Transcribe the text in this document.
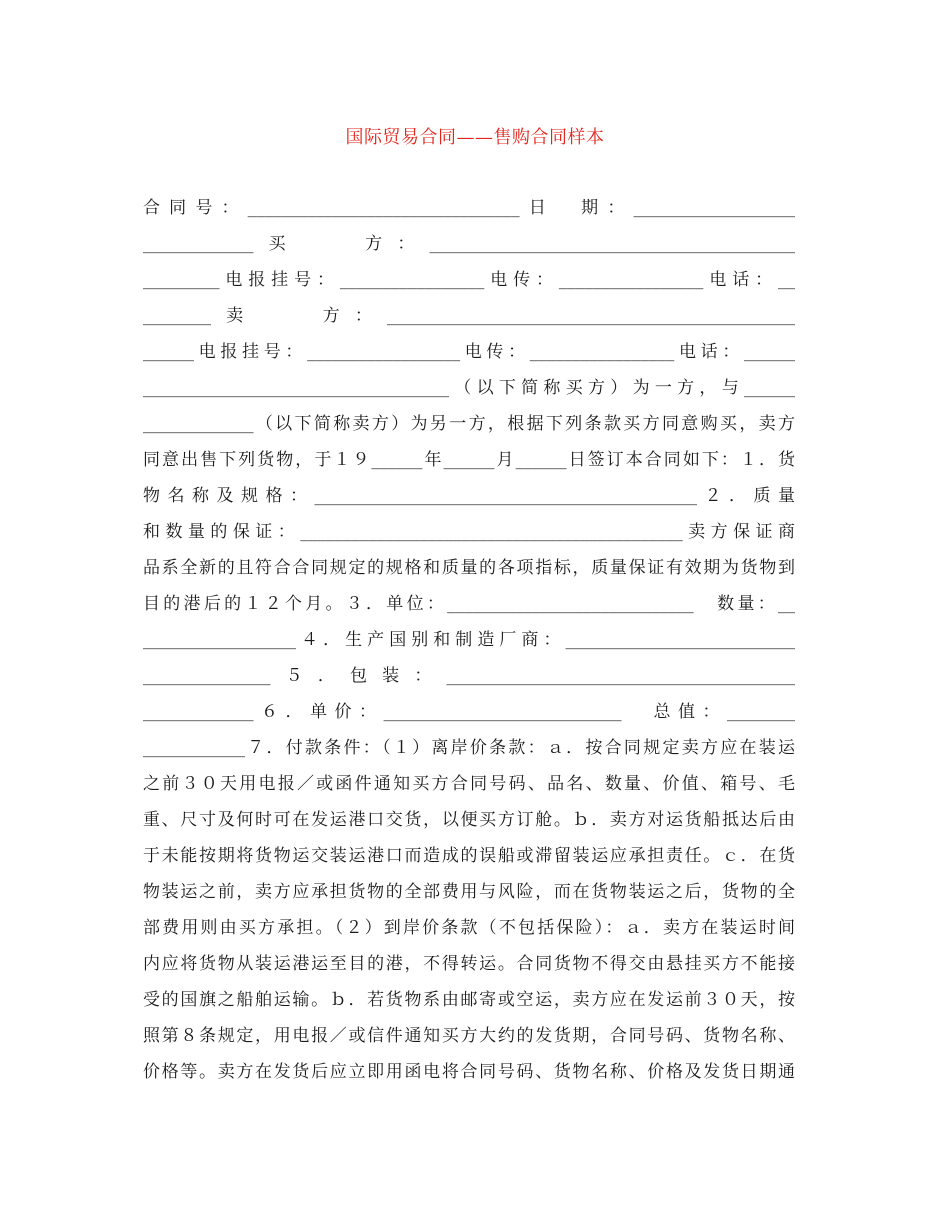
国际贸易合同——售购合同样本
合同号：________________________________日　期：___________________
_____________买　　方：___________________________________________
_________电报挂号：_________________电传：_________________电话：__
________卖　　方：________________________________________________
______电报挂号：__________________电传：_________________电话：______
____________________________________（以下简称买方）为一方，与______
_____________（以下简称卖方）为另一方，根据下列条款买方同意购买，卖方
同意出售下列货物，于１９______年______月______日签订本合同如下：１．货
物名称及规格：_____________________________________________２．质量
和数量的保证：_____________________________________________卖方保证商
品系全新的且符合合同规定的规格和质量的各项指标，质量保证有效期为货物到
目的港后的１２个月。３．单位：_____________________________　数量：__
__________________４．生产国别和制造厂商：___________________________
_______________５．包装：_________________________________________
_____________６．单价：____________________________　总值：________
____________７．付款条件：（１）离岸价条款：ａ．按合同规定卖方应在装运
之前３０天用电报／或函件通知买方合同号码、品名、数量、价值、箱号、毛
重、尺寸及何时可在发运港口交货，以便买方订舱。ｂ．卖方对运货船抵达后由
于未能按期将货物运交装运港口而造成的误船或滞留装运应承担责任。ｃ．在货
物装运之前，卖方应承担货物的全部费用与风险，而在货物装运之后，货物的全
部费用则由买方承担。（２）到岸价条款（不包括保险）：ａ．卖方在装运时间
内应将货物从装运港运至目的港，不得转运。合同货物不得交由悬挂买方不能接
受的国旗之船舶运输。ｂ．若货物系由邮寄或空运，卖方应在发运前３０天，按
照第８条规定，用电报／或信件通知买方大约的发货期，合同号码、货物名称、
价格等。卖方在发货后应立即用函电将合同号码、货物名称、价格及发货日期通
